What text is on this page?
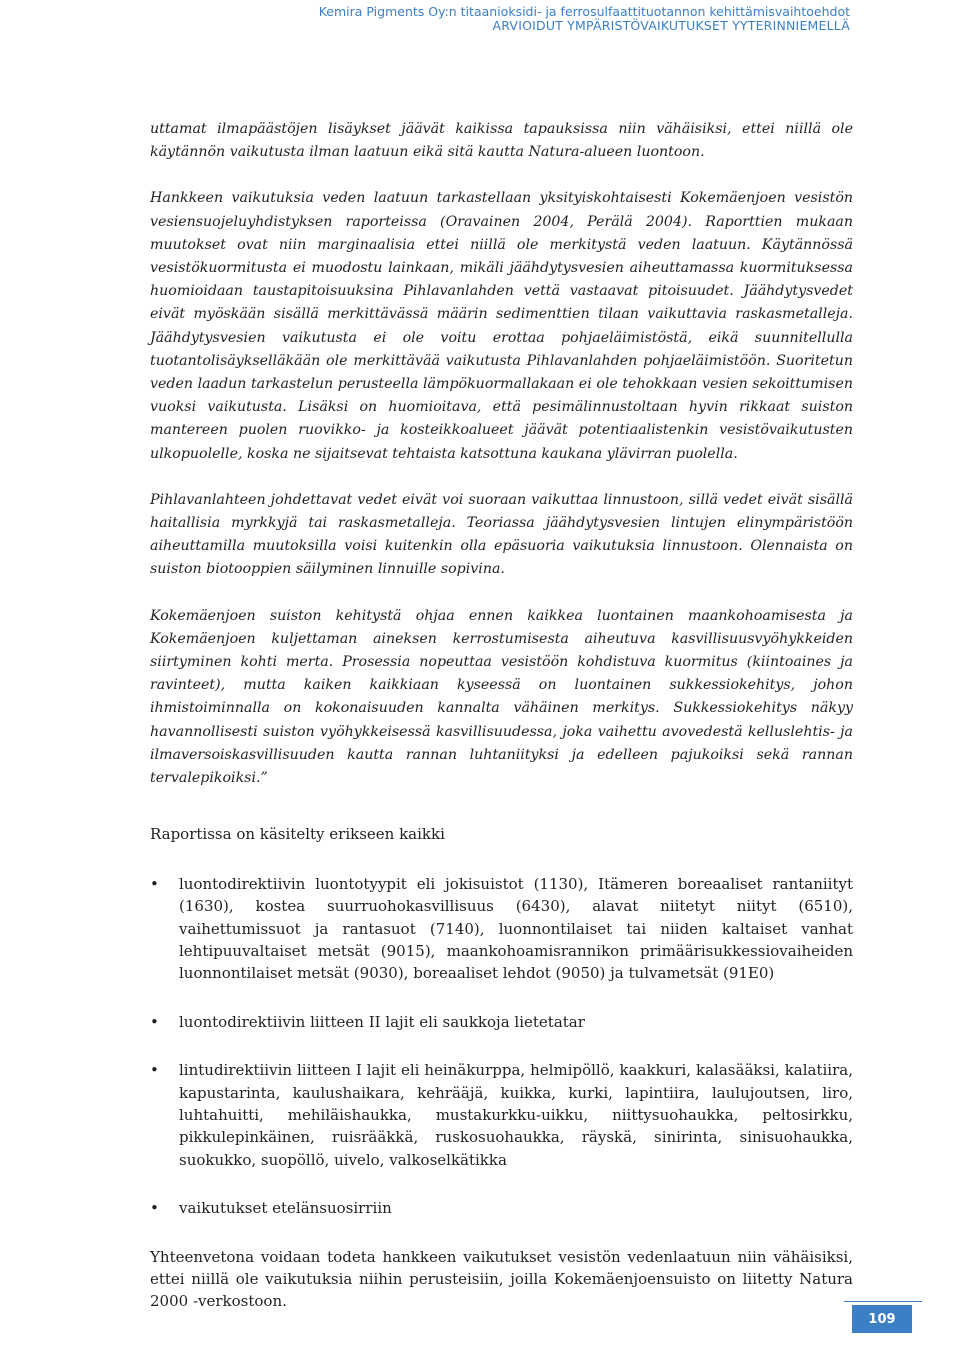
Kemira Pigments Oy:n titaanioksidi- ja ferrosulfaattituotannon kehittämisvaihtoehdot
ARVIOIDUT YMPÄRISTÖVAIKUTUKSET YYTERINNIEMELLÄ

uttamat ilmapäästöjen lisäykset jäävät kaikissa tapauksissa niin vähäisiksi, ettei niillä ole käytännön vaikutusta ilman laatuun eikä sitä kautta Natura-alueen luontoon.

Hankkeen vaikutuksia veden laatuun tarkastellaan yksityiskohtaisesti Kokemäenjoen vesistön vesiensuojeluyhdistyksen raporteissa (Oravainen 2004, Perälä 2004). Raporttien mukaan muutokset ovat niin marginaalisia ettei niillä ole merkitystä veden laatuun. Käytännössä vesistökuormitusta ei muodostu lainkaan, mikäli jäähdytysvesien aiheuttamassa kuormituksessa huomioidaan taustapitoisuuksina Pihlavanlahden vettä vastaavat pitoisuudet. Jäähdytysvedet eivät myöskään sisällä merkittävässä määrin sedimenttien tilaan vaikuttavia raskasmetalleja. Jäähdytysvesien vaikutusta ei ole voitu erottaa pohjaeläimistöstä, eikä suunnitellulla tuotantolisäykselläkään ole merkittävää vaikutusta Pihlavanlahden pohjaeläimistöön. Suoritetun veden laadun tarkastelun perusteella lämpökuormallakaan ei ole tehokkaan vesien sekoittumisen vuoksi vaikutusta. Lisäksi on huomioitava, että pesimälinnustoltaan hyvin rikkaat suiston mantereen puolen ruovikko- ja kosteikkoalueet jäävät potentiaalistenkin vesistövaikutusten ulkopuolelle, koska ne sijaitsevat tehtaista katsottuna kaukana ylävirran puolella.

Pihlavanlahteen johdettavat vedet eivät voi suoraan vaikuttaa linnustoon, sillä vedet eivät sisällä haitallisia myrkkyjä tai raskasmetalleja. Teoriassa jäähdytysvesien lintujen elinympäristöön aiheuttamilla muutoksilla voisi kuitenkin olla epäsuoria vaikutuksia linnustoon. Olennaista on suiston biotooppien säilyminen linnuille sopivina.

Kokemäenjoen suiston kehitystä ohjaa ennen kaikkea luontainen maankohoamisesta ja Kokemäenjoen kuljettaman aineksen kerrostumisesta aiheutuva kasvillisuusvyöhykkeiden siirtyminen kohti merta. Prosessia nopeuttaa vesistöön kohdistuva kuormitus (kiintoaines ja ravinteet), mutta kaiken kaikkiaan kyseessä on luontainen sukkessiokehitys, johon ihmistoiminnalla on kokonaisuuden kannalta vähäinen merkitys. Sukkessiokehitys näkyy havannollisesti suiston vyöhykkeisessä kasvillisuudessa, joka vaihettu avovedestä kelluslehtis- ja ilmaversoiskasvillisuuden kautta rannan luhtaniityksi ja edelleen pajukoiksi sekä rannan tervalepikoiksi.”

Raportissa on käsitelty erikseen kaikki

• luontodirektiivin luontotyypit eli jokisuistot (1130), Itämeren boreaaliset rantaniityt (1630), kostea suurruohokasvillisuus (6430), alavat niitetyt niityt (6510), vaihettumissuot ja rantasuot (7140), luonnontilaiset tai niiden kaltaiset vanhat lehtipuuvaltaiset metsät (9015), maankohoamisrannikon primäärisukkessiovaiheiden luonnontilaiset metsät (9030), boreaaliset lehdot (9050) ja tulvametsät (91E0)
• luontodirektiivin liitteen II lajit eli saukkoja lietetatar
• lintudirektiivin liitteen I lajit eli heinäkurppa, helmipöllö, kaakkuri, kalasääksi, kalatiira, kapustarinta, kaulushaikara, kehrääjä, kuikka, kurki, lapintiira, laulujoutsen, liro, luhtahuitti, mehiläishaukka, mustakurkku-uikku, niittysuohaukka, peltosirkku, pikkulepinkäinen, ruisrääkkä, ruskosuohaukka, räyskä, sinirinta, sinisuohaukka, suokukko, suopöllö, uivelo, valkoselkätikka
• vaikutukset etelänsuosirriin

Yhteenvetona voidaan todeta hankkeen vaikutukset vesistön vedenlaatuun niin vähäisiksi, ettei niillä ole vaikutuksia niihin perusteisiin, joilla Kokemäenjoensuisto on liitetty Natura 2000 -verkostoon.

109
